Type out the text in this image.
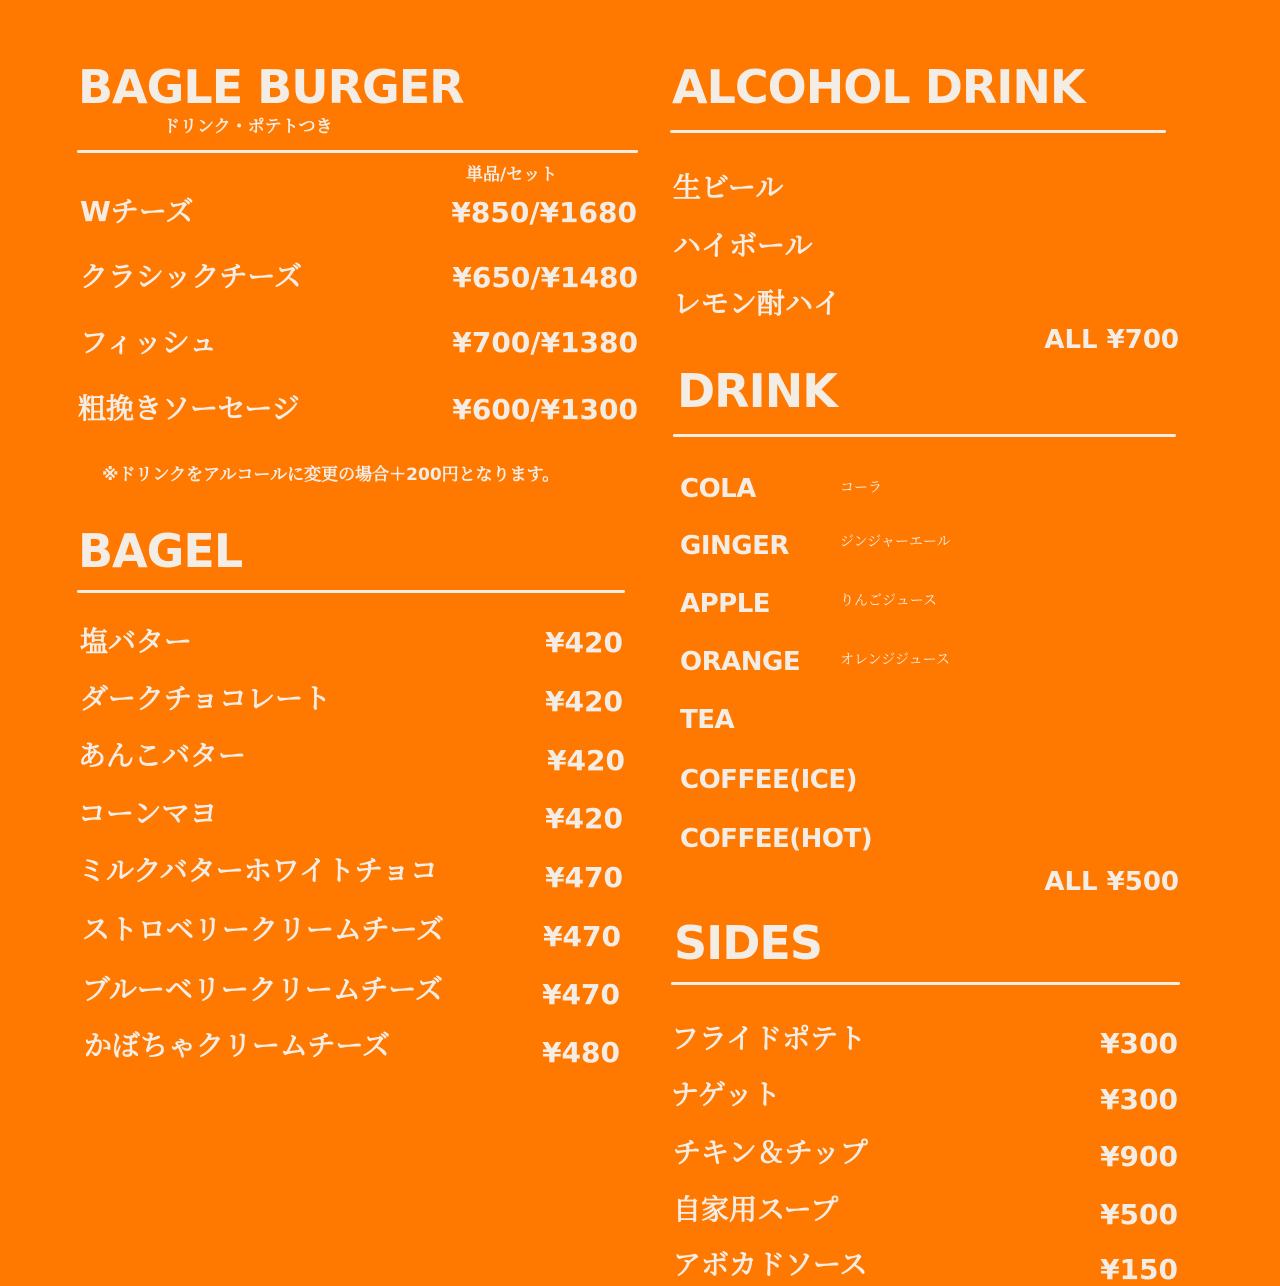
BAGLE BURGER
ドリンク・ポテトつき
単品/セット
Wチーズ	¥850/¥1680
クラシックチーズ	¥650/¥1480
フィッシュ	¥700/¥1380
粗挽きソーセージ	¥600/¥1300
※ドリンクをアルコールに変更の場合＋200円となります。
BAGEL
塩バター	¥420
ダークチョコレート	¥420
あんこバター	¥420
コーンマヨ	¥420
ミルクバターホワイトチョコ	¥470
ストロベリークリームチーズ	¥470
ブルーベリークリームチーズ	¥470
かぼちゃクリームチーズ	¥480
ALCOHOL DRINK
生ビール
ハイボール
レモン酎ハイ
ALL ¥700
DRINK
COLA	コーラ
GINGER	ジンジャーエール
APPLE	りんごジュース
ORANGE	オレンジジュース
TEA
COFFEE(ICE)
COFFEE(HOT)
ALL ¥500
SIDES
フライドポテト	¥300
ナゲット	¥300
チキン＆チップ	¥900
自家用スープ	¥500
アボカドソース	¥150
